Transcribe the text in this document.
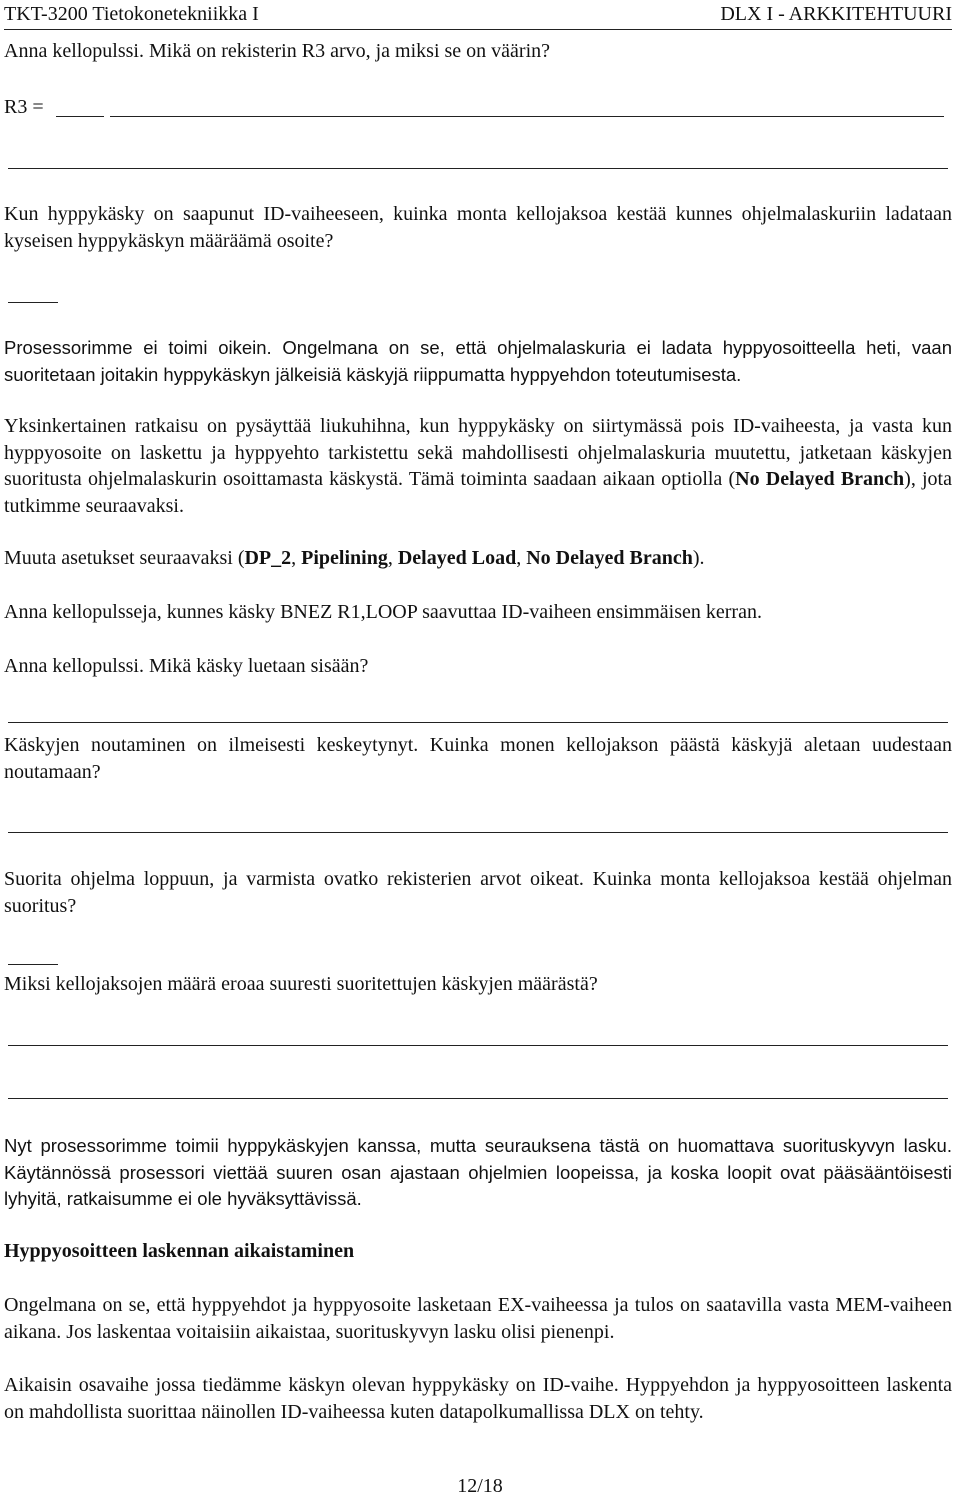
TKT-3200 Tietokonetekniikka I	DLX I - ARKKITEHTUURI

Anna kellopulssi. Mikä on rekisterin R3 arvo, ja miksi se on väärin?

R3 =

Kun hyppykäsky on saapunut ID-vaiheeseen, kuinka monta kellojaksoa kestää kunnes ohjelmalaskuriin ladataan kyseisen hyppykäskyn määräämä osoite?

Prosessorimme ei toimi oikein. Ongelmana on se, että ohjelmalaskuria ei ladata hyppyosoitteella heti, vaan suoritetaan joitakin hyppykäskyn jälkeisiä käskyjä riippumatta hyppyehdon toteutumisesta.

Yksinkertainen ratkaisu on pysäyttää liukuhihna, kun hyppykäsky on siirtymässä pois ID-vaiheesta, ja vasta kun hyppyosoite on laskettu ja hyppyehto tarkistettu sekä mahdollisesti ohjelmalaskuria muutettu, jatketaan käskyjen suoritusta ohjelmalaskurin osoittamasta käskystä. Tämä toiminta saadaan aikaan optiolla (No Delayed Branch), jota tutkimme seuraavaksi.

Muuta asetukset seuraavaksi (DP_2, Pipelining, Delayed Load, No Delayed Branch).

Anna kellopulsseja, kunnes käsky BNEZ R1,LOOP saavuttaa ID-vaiheen ensimmäisen kerran.

Anna kellopulssi. Mikä käsky luetaan sisään?

Käskyjen noutaminen on ilmeisesti keskeytynyt. Kuinka monen kellojakson päästä käskyjä aletaan uudestaan noutamaan?

Suorita ohjelma loppuun, ja varmista ovatko rekisterien arvot oikeat. Kuinka monta kellojaksoa kestää ohjelman suoritus?

Miksi kellojaksojen määrä eroaa suuresti suoritettujen käskyjen määrästä?

Nyt prosessorimme toimii hyppykäskyjen kanssa, mutta seurauksena tästä on huomattava suorituskyvyn lasku. Käytännössä prosessori viettää suuren osan ajastaan ohjelmien loopeissa, ja koska loopit ovat pääsääntöisesti lyhyitä, ratkaisumme ei ole hyväksyttävissä.

Hyppyosoitteen laskennan aikaistaminen

Ongelmana on se, että hyppyehdot ja hyppyosoite lasketaan EX-vaiheessa ja tulos on saatavilla vasta MEM-vaiheen aikana. Jos laskentaa voitaisiin aikaistaa, suorituskyvyn lasku olisi pienenpi.

Aikaisin osavaihe jossa tiedämme käskyn olevan hyppykäsky on ID-vaihe. Hyppyehdon ja hyppyosoitteen laskenta on mahdollista suorittaa näinollen ID-vaiheessa kuten datapolkumallissa DLX on tehty.

12/18
